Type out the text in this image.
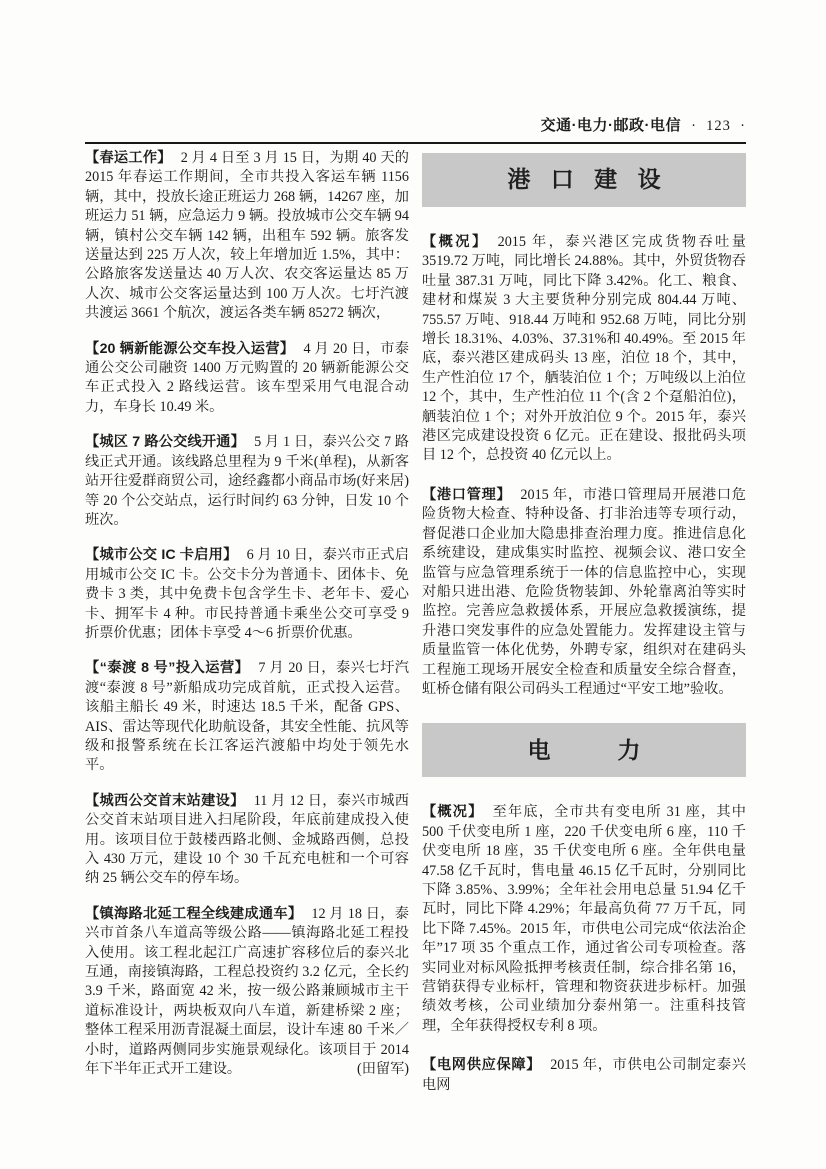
交通·电力·邮政·电信 · 123 ·

【春运工作】 2 月 4 日至 3 月 15 日，为期 40 天的 2015 年春运工作期间，全市共投入客运车辆 1156 辆，其中，投放长途正班运力 268 辆，14267 座，加班运力 51 辆，应急运力 9 辆。投放城市公交车辆 94 辆，镇村公交车辆 142 辆，出租车 592 辆。旅客发送量达到 225 万人次，较上年增加近 1.5%，其中：公路旅客发送量达 40 万人次、农交客运量达 85 万人次、城市公交客运量达到 100 万人次。七圩汽渡共渡运 3661 个航次，渡运各类车辆 85272 辆次，

【20 辆新能源公交车投入运营】 4 月 20 日，市泰通公交公司融资 1400 万元购置的 20 辆新能源公交车正式投入 2 路线运营。该车型采用气电混合动力，车身长 10.49 米。

【城区 7 路公交线开通】 5 月 1 日，泰兴公交 7 路线正式开通。该线路总里程为 9 千米(单程)，从新客站开往爱群商贸公司，途经鑫都小商品市场(好来居)等 20 个公交站点，运行时间约 63 分钟，日发 10 个班次。

【城市公交 IC 卡启用】 6 月 10 日，泰兴市正式启用城市公交 IC 卡。公交卡分为普通卡、团体卡、免费卡 3 类，其中免费卡包含学生卡、老年卡、爱心卡、拥军卡 4 种。市民持普通卡乘坐公交可享受 9 折票价优惠；团体卡享受 4～6 折票价优惠。

【“泰渡 8 号”投入运营】 7 月 20 日，泰兴七圩汽渡“泰渡 8 号”新船成功完成首航，正式投入运营。该船主船长 49 米，时速达 18.5 千米，配备 GPS、AIS、雷达等现代化助航设备，其安全性能、抗风等级和报警系统在长江客运汽渡船中均处于领先水平。

【城西公交首末站建设】 11 月 12 日，泰兴市城西公交首末站项目进入扫尾阶段，年底前建成投入使用。该项目位于鼓楼西路北侧、金城路西侧，总投入 430 万元，建设 10 个 30 千瓦充电桩和一个可容纳 25 辆公交车的停车场。

【镇海路北延工程全线建成通车】 12 月 18 日，泰兴市首条八车道高等级公路——镇海路北延工程投入使用。该工程北起江广高速扩容移位后的泰兴北互通，南接镇海路，工程总投资约 3.2 亿元，全长约 3.9 千米，路面宽 42 米，按一级公路兼顾城市主干道标准设计，两块板双向八车道，新建桥梁 2 座；整体工程采用沥青混凝土面层，设计车速 80 千米／小时，道路两侧同步实施景观绿化。该项目于 2014 年下半年正式开工建设。	(田留军)

港 口 建 设

【概况】 2015 年，泰兴港区完成货物吞吐量 3519.72 万吨，同比增长 24.88%。其中，外贸货物吞吐量 387.31 万吨，同比下降 3.42%。化工、粮食、建材和煤炭 3 大主要货种分别完成 804.44 万吨、755.57 万吨、918.44 万吨和 952.68 万吨，同比分别增长 18.31%、4.03%、37.31%和 40.49%。至 2015 年底，泰兴港区建成码头 13 座，泊位 18 个，其中，生产性泊位 17 个，舾装泊位 1 个；万吨级以上泊位 12 个，其中，生产性泊位 11 个(含 2 个趸船泊位)，舾装泊位 1 个；对外开放泊位 9 个。2015 年，泰兴港区完成建设投资 6 亿元。正在建设、报批码头项目 12 个，总投资 40 亿元以上。

【港口管理】 2015 年，市港口管理局开展港口危险货物大检查、特种设备、打非治违等专项行动，督促港口企业加大隐患排查治理力度。推进信息化系统建设，建成集实时监控、视频会议、港口安全监管与应急管理系统于一体的信息监控中心，实现对船只进出港、危险货物装卸、外轮靠离泊等实时监控。完善应急救援体系，开展应急救援演练，提升港口突发事件的应急处置能力。发挥建设主管与质量监管一体化优势，外聘专家，组织对在建码头工程施工现场开展安全检查和质量安全综合督查，虹桥仓储有限公司码头工程通过“平安工地”验收。

电　　力

【概况】 至年底，全市共有变电所 31 座，其中 500 千伏变电所 1 座，220 千伏变电所 6 座，110 千伏变电所 18 座，35 千伏变电所 6 座。全年供电量 47.58 亿千瓦时，售电量 46.15 亿千瓦时，分别同比下降 3.85%、3.99%；全年社会用电总量 51.94 亿千瓦时，同比下降 4.29%；年最高负荷 77 万千瓦，同比下降 7.45%。2015 年，市供电公司完成“依法治企年”17 项 35 个重点工作，通过省公司专项检查。落实同业对标风险抵押考核责任制，综合排名第 16，营销获得专业标杆，管理和物资获进步标杆。加强绩效考核，公司业绩加分泰州第一。注重科技管理，全年获得授权专利 8 项。

【电网供应保障】 2015 年，市供电公司制定泰兴电网
